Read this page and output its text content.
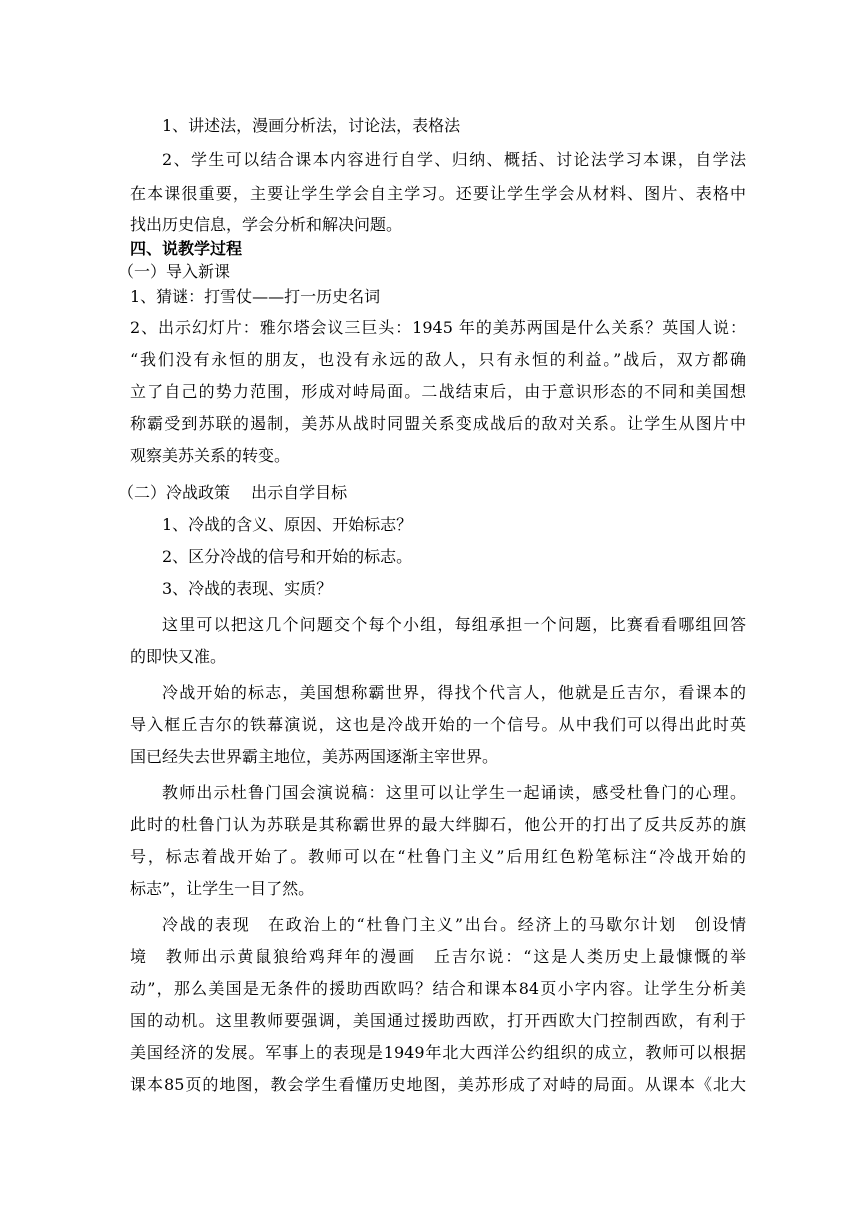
1、讲述法，漫画分析法，讨论法，表格法
2、学生可以结合课本内容进行自学、归纳、概括、讨论法学习本课，自学法
在本课很重要，主要让学生学会自主学习。还要让学生学会从材料、图片、表格中
找出历史信息，学会分析和解决问题。
四、说教学过程
（一）导入新课
1、猜谜：打雪仗——打一历史名词
2、出示幻灯片：雅尔塔会议三巨头：1945 年的美苏两国是什么关系？英国人说：
“我们没有永恒的朋友，也没有永远的敌人，只有永恒的利益。”战后，双方都确
立了自己的势力范围，形成对峙局面。二战结束后，由于意识形态的不同和美国想
称霸受到苏联的遏制，美苏从战时同盟关系变成战后的敌对关系。让学生从图片中
观察美苏关系的转变。
（二）冷战政策　 出示自学目标
1、冷战的含义、原因、开始标志？
2、区分冷战的信号和开始的标志。
3、冷战的表现、实质？
这里可以把这几个问题交个每个小组，每组承担一个问题，比赛看看哪组回答
的即快又准。
冷战开始的标志，美国想称霸世界，得找个代言人，他就是丘吉尔，看课本的
导入框丘吉尔的铁幕演说，这也是冷战开始的一个信号。从中我们可以得出此时英
国已经失去世界霸主地位，美苏两国逐渐主宰世界。
教师出示杜鲁门国会演说稿：这里可以让学生一起诵读，感受杜鲁门的心理。
此时的杜鲁门认为苏联是其称霸世界的最大绊脚石，他公开的打出了反共反苏的旗
号，标志着战开始了。教师可以在“杜鲁门主义”后用红色粉笔标注“冷战开始的
标志”，让学生一目了然。
冷战的表现　在政治上的“杜鲁门主义”出台。经济上的马歇尔计划　创设情
境　教师出示黄鼠狼给鸡拜年的漫画　丘吉尔说：“这是人类历史上最慷慨的举
动”，那么美国是无条件的援助西欧吗？结合和课本84页小字内容。让学生分析美
国的动机。这里教师要强调，美国通过援助西欧，打开西欧大门控制西欧，有利于
美国经济的发展。军事上的表现是1949年北大西洋公约组织的成立，教师可以根据
课本85页的地图，教会学生看懂历史地图，美苏形成了对峙的局面。从课本《北大
